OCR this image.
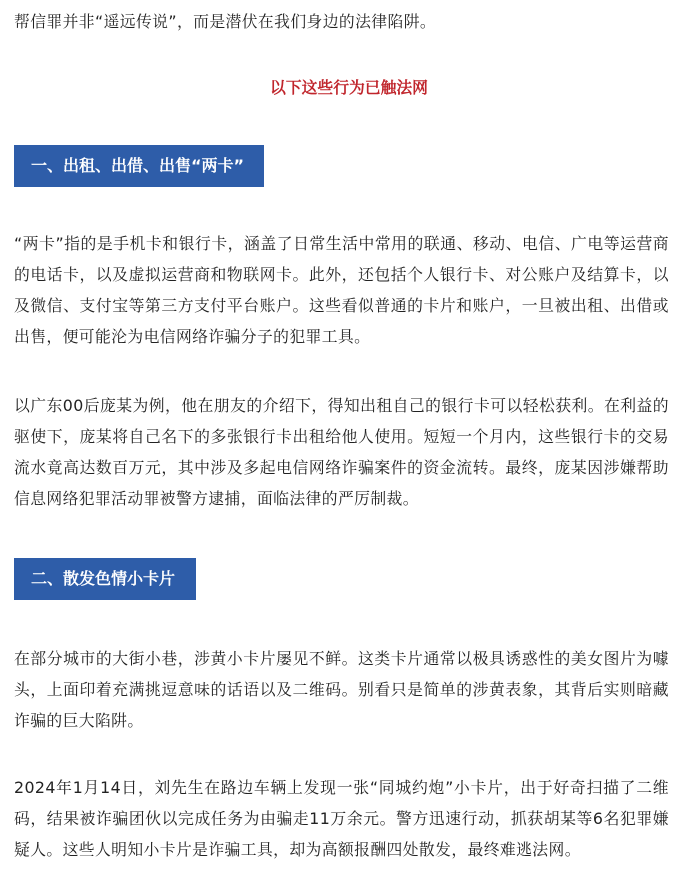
帮信罪并非“遥远传说”，而是潜伏在我们身边的法律陷阱。

以下这些行为已触法网
一、出租、出借、出售“两卡”

“两卡”指的是手机卡和银行卡，涵盖了日常生活中常用的联通、移动、电信、广电等运营商的电话卡，以及虚拟运营商和物联网卡。此外，还包括个人银行卡、对公账户及结算卡，以及微信、支付宝等第三方支付平台账户。这些看似普通的卡片和账户，一旦被出租、出借或出售，便可能沦为电信网络诈骗分子的犯罪工具。

以广东00后庞某为例，他在朋友的介绍下，得知出租自己的银行卡可以轻松获利。在利益的驱使下，庞某将自己名下的多张银行卡出租给他人使用。短短一个月内，这些银行卡的交易流水竟高达数百万元，其中涉及多起电信网络诈骗案件的资金流转。最终，庞某因涉嫌帮助信息网络犯罪活动罪被警方逮捕，面临法律的严厉制裁。

二、散发色情小卡片

在部分城市的大街小巷，涉黄小卡片屡见不鲜。这类卡片通常以极具诱惑性的美女图片为噱头，上面印着充满挑逗意味的话语以及二维码。别看只是简单的涉黄表象，其背后实则暗藏诈骗的巨大陷阱。

2024年1月14日，刘先生在路边车辆上发现一张“同城约炮”小卡片，出于好奇扫描了二维码，结果被诈骗团伙以完成任务为由骗走11万余元。警方迅速行动，抓获胡某等6名犯罪嫌疑人。这些人明知小卡片是诈骗工具，却为高额报酬四处散发，最终难逃法网。
